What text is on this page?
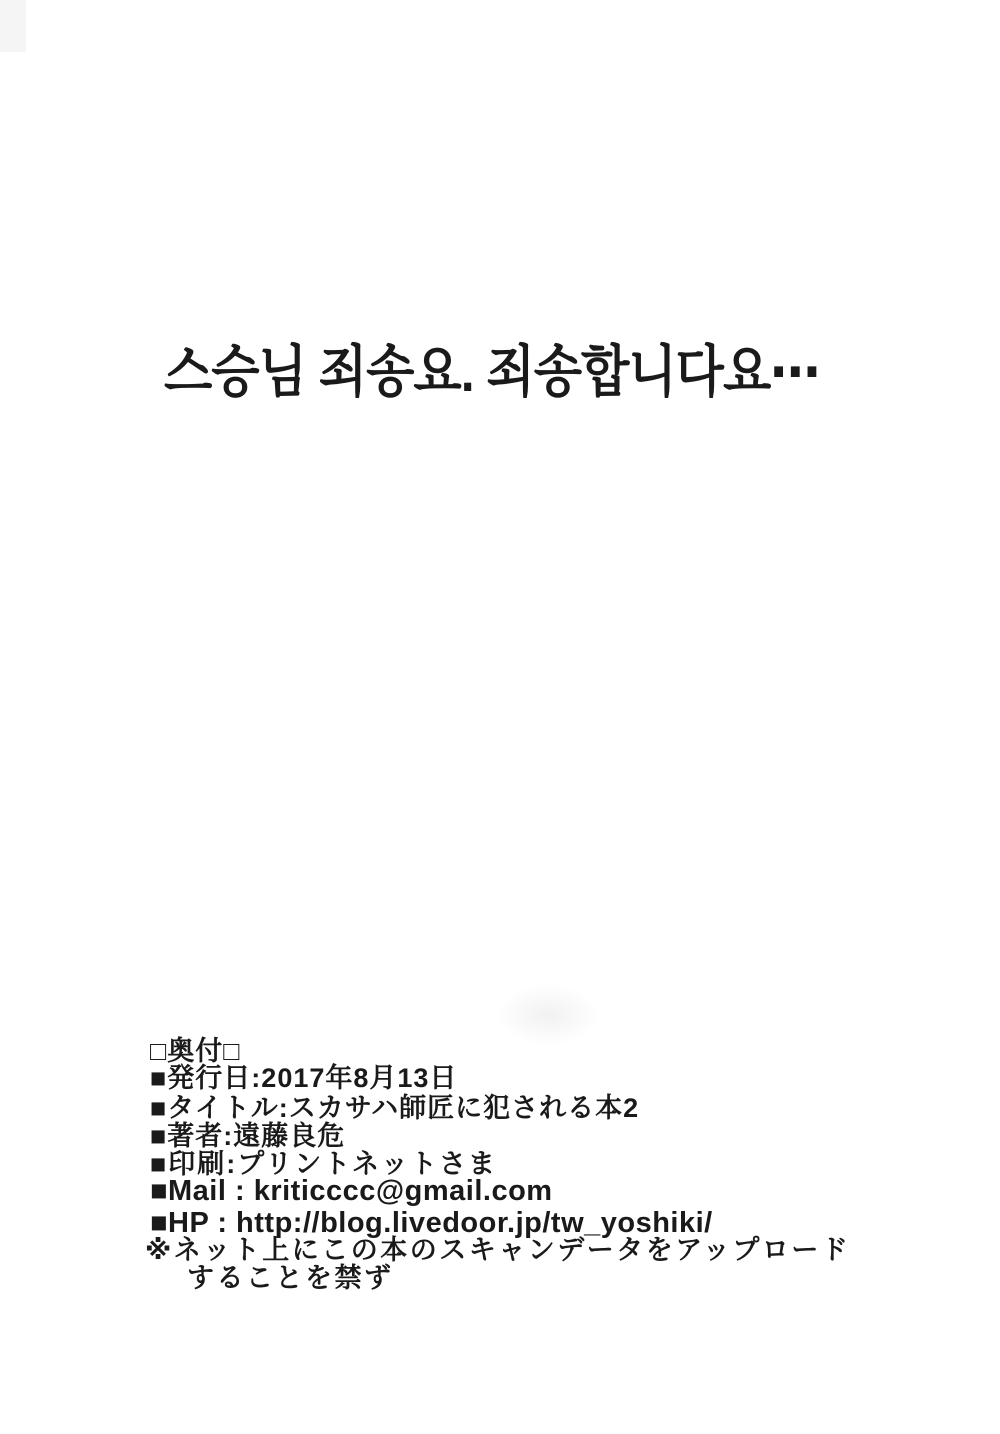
스승님 죄송요. 죄송합니다요⋯
□奥付□
■発行日:2017年8月13日
■タイトル:スカサハ師匠に犯される本2
■著者:遠藤良危
■印刷:プリントネットさま
■Mail : kriticccc@gmail.com
■HP : http://blog.livedoor.jp/tw_yoshiki/
※ネット上にこの本のスキャンデータをアップロード
することを禁ず
